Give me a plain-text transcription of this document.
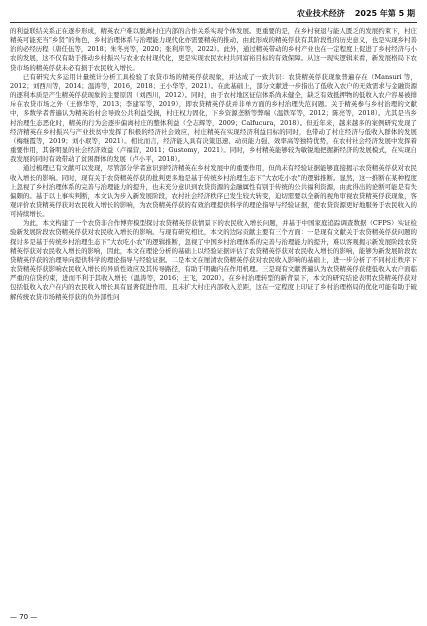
农业技术经济 2025 年第 5 期

的利益联结关系正在逐步形成，精英农户难以脱离村庄内部的合作关系实现个体发展。更重要的是，在乡村衰退与能人匮乏的发展约束下，村庄精英可能充当“乡贤”的角色，乡村治理体系与治理能力现代化亦需要精英的推动，由此形成的精英俘获有其阶段性的历史意义，也是实现乡村善治的必经历程（唐任伍等，2018；朱冬亮等，2020；张利庠等，2022）。此外，通过精英带动的乡村产业也在一定程度上促进了乡村经济与小农的发展，这不仅有助于推动乡村振兴与农业农村现代化，更是实现农民农村共同富裕目标的有效保障。从这一现实逻辑来看，新发展格局下农贷市场的精英俘获未必有损于农民收入增长。

已有研究大多运用计量统计分析工具检验了农贷市场的精英俘获现象，并达成了一致共识：农贷精英俘获现象普遍存在（Mansuri 等，2012；刘西川等，2014；温涛等，2016，2018；王小华等，2021）。在此基础上，部分文献进一步指出了低收入农户的无效需求与金融资源的逐利本质是产生精英俘获现象的主要原因（刘西川，2012）。同时，由于农村地区征信体系尚未健全，缺乏有效抵押物的低收入农户容易被排斥在农贷市场之外（王修华等，2013；李建军等，2019），即农贷精英俘获并非单方面的乡村治理失范问题。关于精英参与乡村治理的文献中，多数学者普遍认为精英治村会导致公共利益受损，村庄权力固化，下乡资源垄断等弊端（温铁军等，2012；陈亮等，2018）。尤其是当乡村治理生态恶化时，精英的行为会逐步偏离村庄的整体利益（仝志辉等，2009；Calfucura，2018）。但近年来，越来越多的案例研究发现了经济精英在乡村振兴与产业扶贫中发挥了积极的经济社会效应，村庄精英在实现经济利益目标的同时，也带动了村庄经济与低收入群体的发展（梅继霞等，2019；刘小珉等，2021）。相比而言，经济能人具有决策迅速、动员能力强、效率高等独特优势，在农村社会经济发展中发挥着重要作用，其备明显的社会经济效益（卢福营，2011；Gustomy，2021）。同时，乡村精英能够较为敏锐地把握新经济的发展模式，在实现自我发展的同时有效带动了贫困群体的发展（卢小平，2018）。

通过梳理已有文献可以发现，尽管部分学者意识到经济精英在乡村发展中的重要作用，但尚未有经验证据能够直接揭示农贷精英俘获对农民收入增长的影响。同时，现有关于农贷精英俘获的批判更多地是基于传统乡村治理生态下“大农吃小农”的逻辑推断。显然，这一推断在某种程度上忽视了乡村治理体系的完善与治理能力的提升，也未充分意识到农贷资源的金融属性有别于传统的公共福利资源，由此得出的论断可能是有失偏颇的。基于以上事实判断，本文认为步入新发展阶段，农村社会经济秩序已发生较大转变，迫切需要以全新的视角审视农贷精英俘获现象，客观评价农贷精英俘获对农民收入增长的影响，为农贷精英俘获的有效治理提供科学的理论指导与经验证据，使农贷资源更好地服务于农民收入的可持续增长。

为此，本文构建了一个农贷非合作博弈模型探讨农贷精英俘获情景下的农民收入增长问题，并基于中国家庭追踪调查数据（CFPS）实证检验新发展阶段农贷精英俘获对农民收入增长的影响。与现有研究相比，本文的边际贡献主要有三个方面：一是现有文献关于农贷精英俘获问题的探讨多是基于传统乡村治理生态下“大农吃小农”的逻辑推断，忽视了中国乡村治理体系的完善与治理能力的提升，难以客观揭示新发展阶段农贷精英俘获对农民收入增长的影响，因此，本文在理论分析的基础上以经验证据评估了农贷精英俘获对农民收入增长的影响，能够为新发展阶段农贷精英俘获的治理导向提供科学的理论指导与经验证据。二是本文在厘清农贷精英俘获对农民收入影响的基础上，进一步分析了不同村庄秩序下农贷精英俘获影响农民收入增长的异质性效应及其传导路径，有助于明确内在作用机理。三是现有文献普遍认为农贷精英俘获使低收入农户面临严重的信贷约束，进而不利于其收入增长（温涛等，2016；王飞，2020）。在乡村治理转型的新背景下，本文的研究结论表明农贷精英俘获对包括低收入农户在内的农民收入增长具有显著促进作用，且未扩大村庄内部收入差距，这在一定程度上印证了乡村治理格局的优化可能有助于破解传统农贷市场精英俘获的负外部性问

— 70 —
